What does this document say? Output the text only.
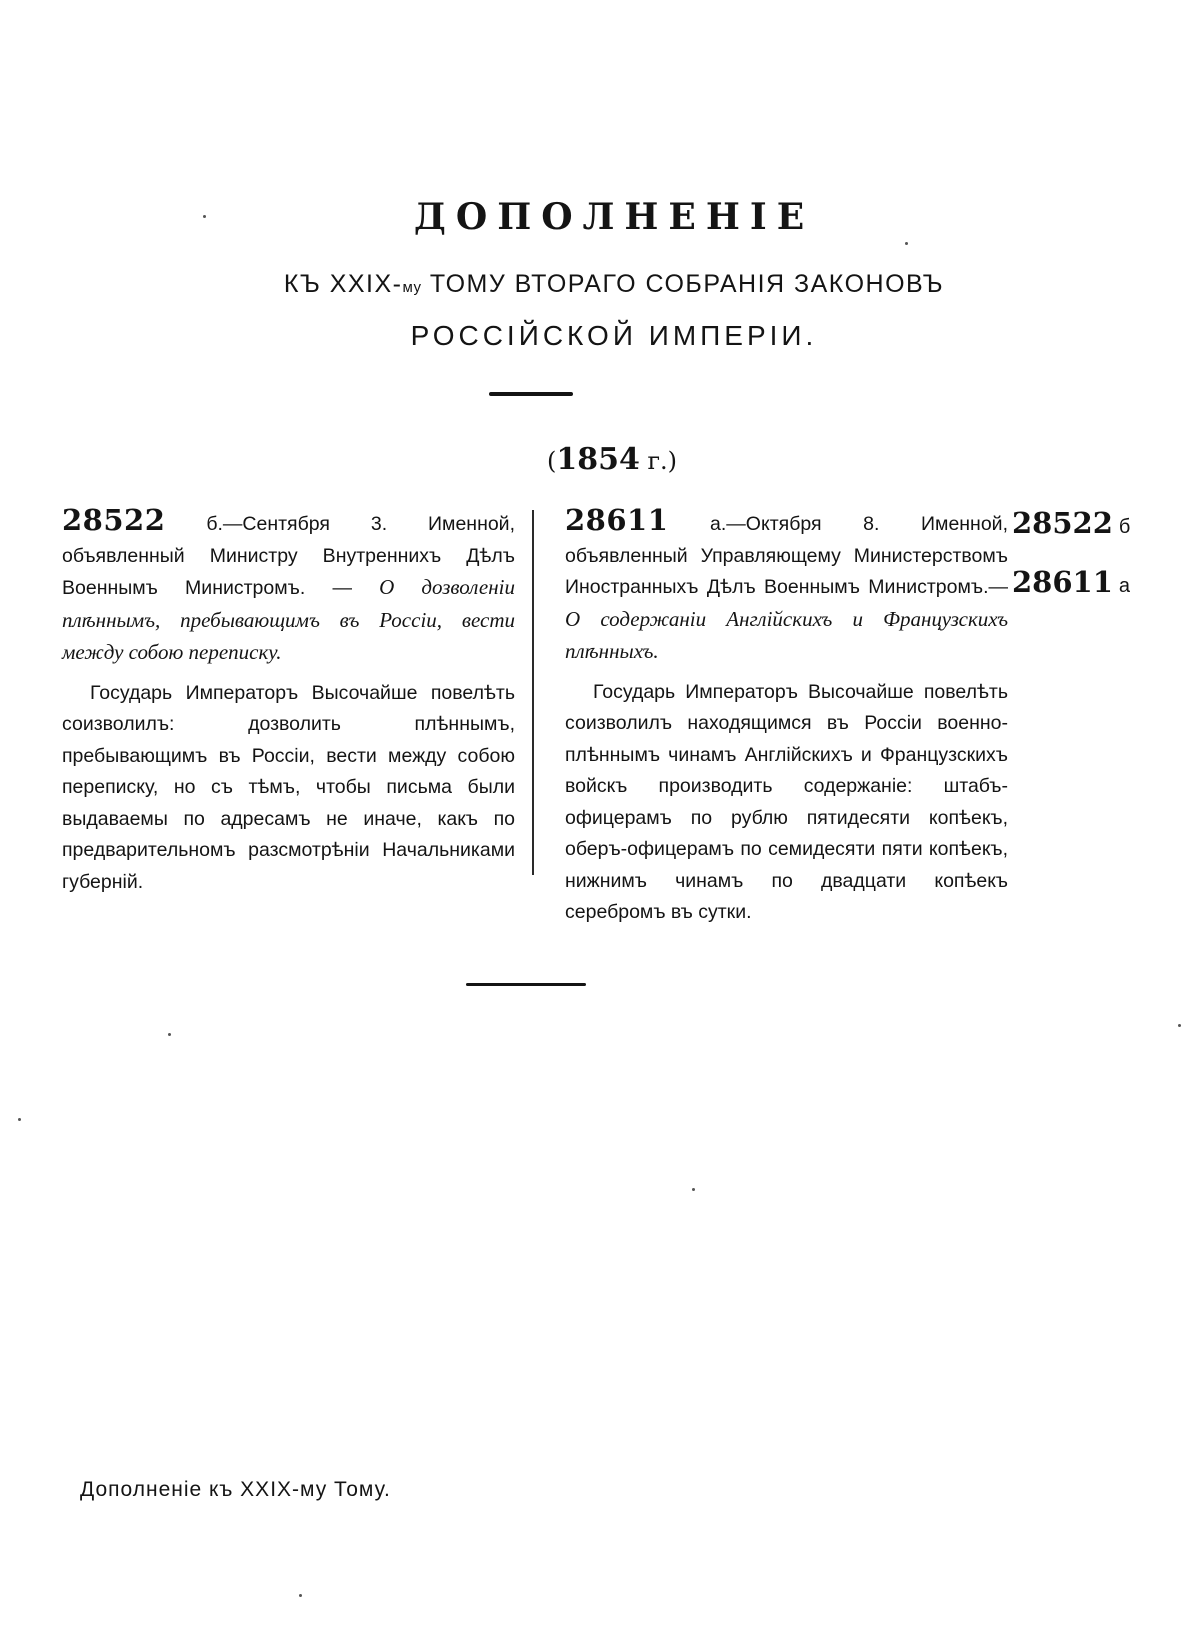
ДОПОЛНЕНІЕ
КЪ XXIX-му ТОМУ ВТОРАГО СОБРАНІЯ ЗАКОНОВЪ
РОССІЙСКОЙ ИМПЕРІИ.
(1854 г.)

28522 б.—Сентября 3. Именной, объявленный Министру Внутреннихъ Дѣлъ Военнымъ Министромъ. — О дозволеніи плѣннымъ, пребывающимъ въ Россіи, вести между собою переписку.

Государь Императоръ Высочайше повелѣть соизволилъ: дозволить плѣннымъ, пребывающимъ въ Россіи, вести между собою переписку, но съ тѣмъ, чтобы письма были выдаваемы по адресамъ не иначе, какъ по предварительномъ разсмотрѣніи Начальниками губерній.

28611 а.—Октября 8. Именной, объявленный Управляющему Министерствомъ Иностранныхъ Дѣлъ Военнымъ Министромъ.—О содержаніи Англійскихъ и Французскихъ плѣнныхъ.

Государь Императоръ Высочайше повелѣть соизволилъ находящимся въ Россіи военно-плѣннымъ чинамъ Англійскихъ и Французскихъ войскъ производить содержаніе: штабъ-офицерамъ по рублю пятидесяти копѣекъ, оберъ-офицерамъ по семидесяти пяти копѣекъ, нижнимъ чинамъ по двадцати копѣекъ серебромъ въ сутки.

28522 б
28611 а
Дополненіе къ XXIX-му Тому.
